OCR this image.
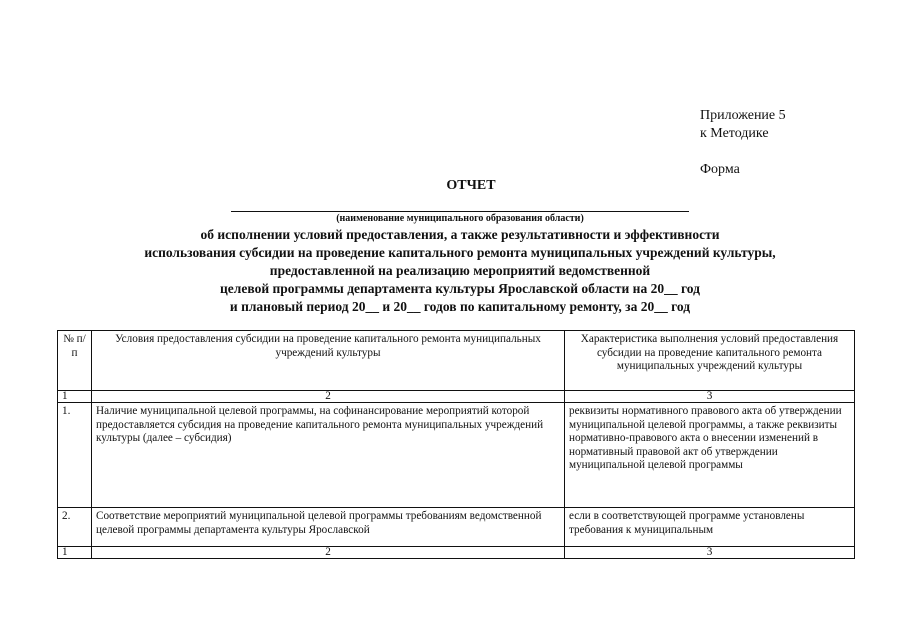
Приложение 5
к Методике
Форма
ОТЧЕТ
(наименование муниципального образования области)
об исполнении условий предоставления, а также результативности и эффективности
использования субсидии на проведение капитального ремонта муниципальных учреждений культуры,
предоставленной на реализацию мероприятий ведомственной
целевой программы департамента культуры Ярославской области на 20__ год
и плановый период 20__ и 20__ годов по капитальному ремонту, за 20__ год
№ п/п	Условия предоставления субсидии на проведение капитального ремонта муниципальных учреждений культуры	Характеристика выполнения условий предоставления субсидии на проведение капитального ремонта муниципальных учреждений культуры
1	2	3
1.	Наличие муниципальной целевой программы, на софинансирование мероприятий которой предоставляется субсидия на проведение капитального ремонта муниципальных учреждений культуры (далее – субсидия)	реквизиты нормативного правового акта об утверждении муниципальной целевой программы, а также реквизиты нормативно-правового акта о внесении изменений в нормативный правовой акт об утверждении муниципальной целевой программы
2.	Соответствие мероприятий муниципальной целевой программы требованиям ведомственной целевой программы департамента культуры Ярославской	если в соответствующей программе установлены требования к муниципальным
1	2	3
